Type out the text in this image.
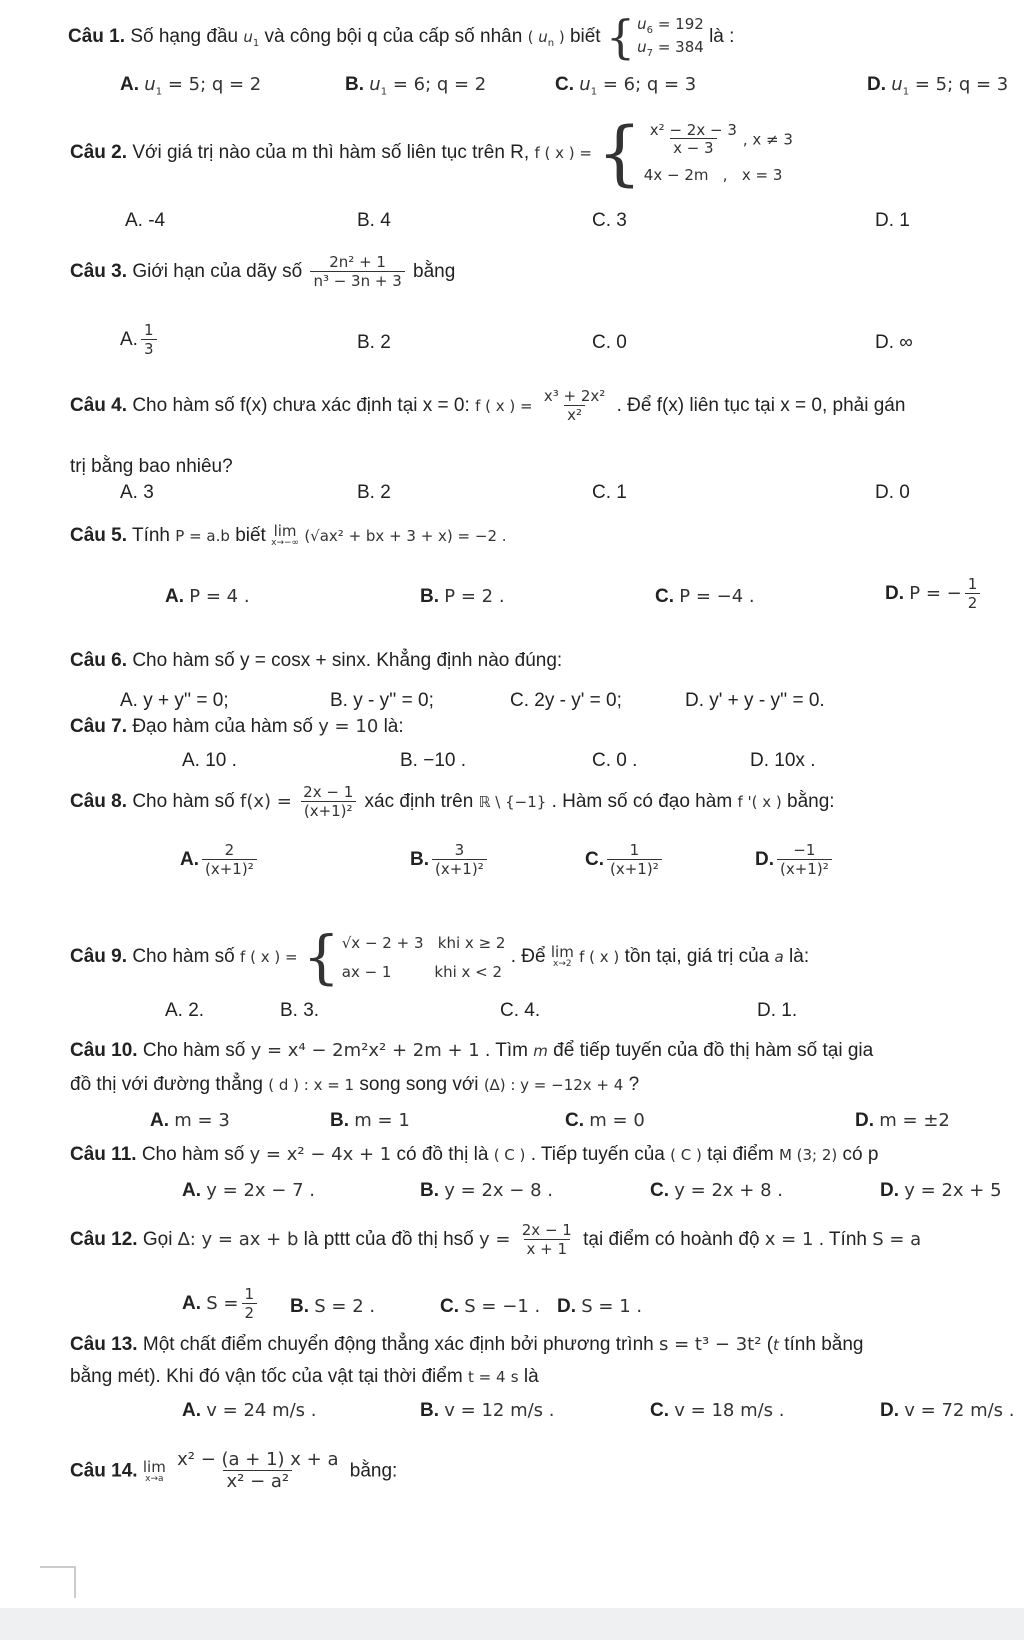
Câu 1. Số hạng đầu $u_1$ và công bội q của cấp số nhân ( $u_n$ ) biết { $u_6 = 192$
$u_7 = 384$ là :
A. $u_1 = 5$; q = 2	B. $u_1 = 6$; q = 2	C. $u_1 = 6$; q = 3	D. $u_1 = 5$; q = 3
Câu 2. Với giá trị nào của m thì hàm số liên tục trên R, f ( x ) = { $\frac{\text{x² − 2x − 3}}{x - 3}$ , x ≠ 3
4x − 2m   ,   x = 3
A. -4	B. 4	C. 3	D. 1
Câu 3. Giới hạn của dãy số $\frac{\text{2n² + 1}}{\text{n³ − 3n + 3}}$ bằng
A. $\frac{1}{3}$	B. 2	C. 0	D. ∞
Câu 4. Cho hàm số f(x) chưa xác định tại x = 0: f ( x ) = $\frac{\text{x³ + 2x²}}{\text{x²}}$ . Để f(x) liên tục tại x = 0, phải gán
trị bằng bao nhiêu?
A. 3	B. 2	C. 1	D. 0
Câu 5. Tính P = a.b biết lim
x→−∞ (√ax² + bx + 3 + x) = −2 .
A. P = 4 .	B. P = 2 .	C. P = −4 .	D. P = − $\frac{1}{2}$
Câu 6. Cho hàm số y = cosx + sinx. Khẳng định nào đúng:
A. y + y'' = 0;	B. y - y'' = 0;	C. 2y - y' = 0;	D. y' + y - y'' = 0.
Câu 7. Đạo hàm của hàm số y = 10 là:
A. 10 .	B. −10 .	C. 0 .	D. 10x .
Câu 8. Cho hàm số $f(x) = \frac{2x - 1}{\text{(x+1)²}}$ xác định trên ℝ \ {−1} . Hàm số có đạo hàm f '( x ) bằng:
A. $\frac{2}{\text{(x+1)²}}$	B. $\frac{3}{\text{(x+1)²}}$	C. $\frac{1}{\text{(x+1)²}}$	D. $\frac{-1}{\text{(x+1)²}}$
Câu 9. Cho hàm số f ( x ) = { √x − 2 + 3 khi x ≥ 2
ax − 1	khi x < 2
. Để lim
x→2 f ( x ) tồn tại, giá trị của a là:
A. 2.	B. 3.	C. 4.	D. 1.
Câu 10. Cho hàm số y = x⁴ − 2m²x² + 2m + 1 . Tìm m để tiếp tuyến của đồ thị hàm số tại gia
đồ thị với đường thẳng ( d ) : x = 1 song song với (∆) : y = −12x + 4 ?
A. m = 3	B. m = 1	C. m = 0	D. m = ±2
Câu 11. Cho hàm số y = x² − 4x + 1 có đồ thị là ( C ) . Tiếp tuyến của ( C ) tại điểm M (3; 2) có p
A. y = 2x − 7 .	B. y = 2x − 8 .	C. y = 2x + 8 .	D. y = 2x + 5
Câu 12. Gọi ∆: y = ax + b là pttt của đồ thị hsố $y = \frac{2x - 1}{x + 1}$ tại điểm có hoành độ x = 1 . Tính S = a
A. $S = \frac{1}{2} B$. S = 2 .	C. S = −1 . D. S = 1 .
Câu 13. Một chất điểm chuyển động thẳng xác định bởi phương trình s = t³ − 3t² (t tính bằng
bằng mét). Khi đó vận tốc của vật tại thời điểm t = 4 s là
A. v = 24 m/s .	B. v = 12 m/s .	C. v = 18 m/s .	D. v = 72 m/s .
Câu 14. lim
x→a
$\frac{\text{x² − (a + 1) x + a}}{\text{x² − a²}}$ bằng:
